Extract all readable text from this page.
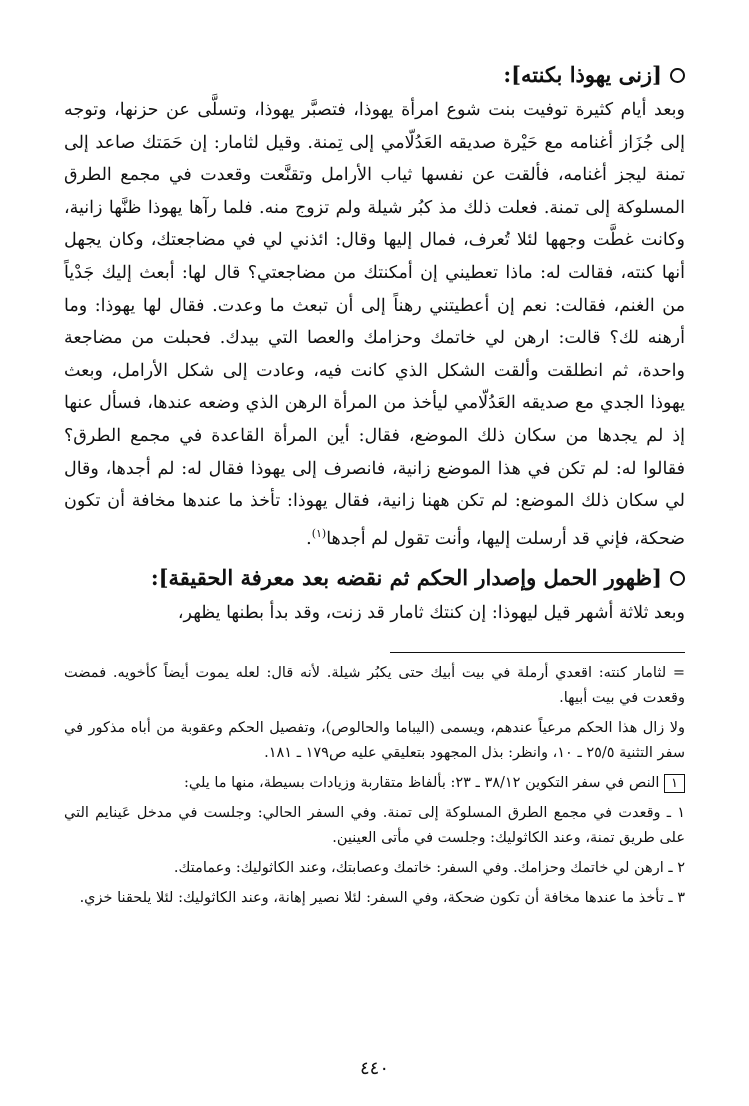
[زنى يهوذا بكنته]:

وبعد أيام كثيرة توفيت بنت شوع امرأة يهوذا، فتصبَّر يهوذا، وتسلَّى عن حزنها، وتوجه إلى جُزَاز أغنامه مع حَيْرة صديقه العَدُلّامي إلى تِمنة. وقيل لثامار: إن حَمَتك صاعد إلى تمنة ليجز أغنامه، فألقت عن نفسها ثياب الأرامل وتقنَّعت وقعدت في مجمع الطرق المسلوكة إلى تمنة. فعلت ذلك مذ كبُر شيلة ولم تزوج منه. فلما رآها يهوذا ظنَّها زانية، وكانت غطَّت وجهها لئلا تُعرف، فمال إليها وقال: ائذني لي في مضاجعتك، وكان يجهل أنها كنته، فقالت له: ماذا تعطيني إن أمكنتك من مضاجعتي؟ قال لها: أبعث إليك جَدْياً من الغنم، فقالت: نعم إن أعطيتني رهناً إلى أن تبعث ما وعدت. فقال لها يهوذا: وما أرهنه لك؟ قالت: ارهن لي خاتمك وحزامك والعصا التي بيدك. فحبلت من مضاجعة واحدة، ثم انطلقت وألقت الشكل الذي كانت فيه، وعادت إلى شكل الأرامل، وبعث يهوذا الجدي مع صديقه العَدُلّامي ليأخذ من المرأة الرهن الذي وضعه عندها، فسأل عنها إذ لم يجدها من سكان ذلك الموضع، فقال: أين المرأة القاعدة في مجمع الطرق؟ فقالوا له: لم تكن في هذا الموضع زانية، فانصرف إلى يهوذا فقال له: لم أجدها، وقال لي سكان ذلك الموضع: لم تكن ههنا زانية، فقال يهوذا: تأخذ ما عندها مخافة أن تكون ضحكة، فإني قد أرسلت إليها، وأنت تقول لم أجدها$^{(١)}$.

[ظهور الحمل وإصدار الحكم ثم نقضه بعد معرفة الحقيقة]:

وبعد ثلاثة أشهر قيل ليهوذا: إن كنتك ثامار قد زنت، وقد بدأ بطنها يظهر،

= لثامار كنته: اقعدي أرملة في بيت أبيك حتى يكبُر شيلة. لأنه قال: لعله يموت أيضاً كأخويه. فمضت وقعدت في بيت أبيها.

ولا زال هذا الحكم مرعياً عندهم، ويسمى (اليباما والحالوص)، وتفصيل الحكم وعقوبة من أباه مذكور في سفر التثنية ٢٥/٥ ـ ١٠، وانظر: بذل المجهود بتعليقي عليه ص١٧٩ ـ ١٨١.

١ النص في سفر التكوين ٣٨/١٢ ـ ٢٣: بألفاظ متقاربة وزيادات بسيطة، منها ما يلي:

١ ـ وقعدت في مجمع الطرق المسلوكة إلى تمنة. وفي السفر الحالي: وجلست في مدخل عَينايم التي على طريق تمنة، وعند الكاثوليك: وجلست في مأتى العينين.

٢ ـ ارهن لي خاتمك وحزامك. وفي السفر: خاتمك وعصابتك، وعند الكاثوليك: وعمامتك.

٣ ـ تأخذ ما عندها مخافة أن تكون ضحكة، وفي السفر: لئلا نصير إهانة، وعند الكاثوليك: لئلا يلحقنا خزي.

٤٤٠
